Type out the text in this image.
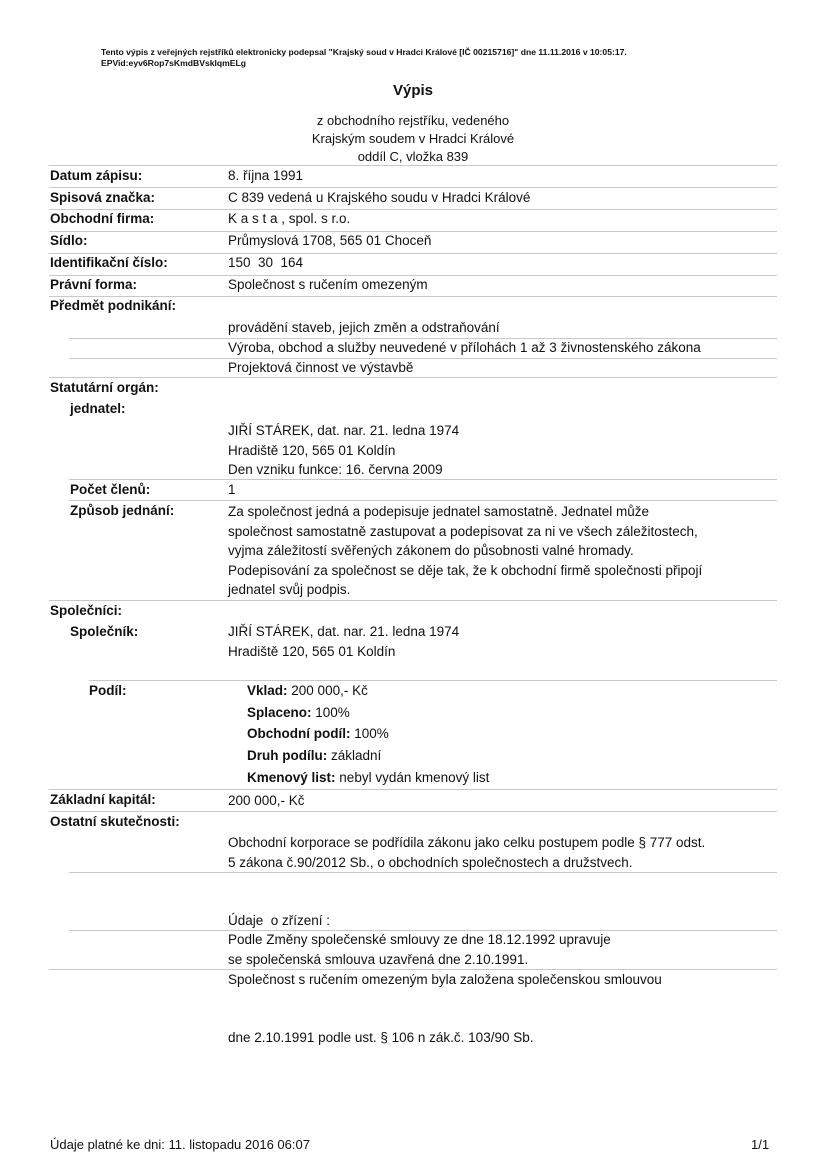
Tento výpis z veřejných rejstříků elektronicky podepsal "Krajský soud v Hradci Králové [IČ 00215716]" dne 11.11.2016 v 10:05:17.
EPVid:eyv6Rop7sKmdBVsklqmELg
Výpis
z obchodního rejstříku, vedeného
Krajským soudem v Hradci Králové
oddíl C, vložka 839
Datum zápisu:	8. října 1991
Spisová značka:	C 839 vedená u Krajského soudu v Hradci Králové
Obchodní firma:	K a s t a , spol. s r.o.
Sídlo:	Průmyslová 1708, 565 01 Choceň
Identifikační číslo:	150  30  164
Právní forma:	Společnost s ručením omezeným
Předmět podnikání:
provádění staveb, jejich změn a odstraňování
Výroba, obchod a služby neuvedené v přílohách 1 až 3 živnostenského zákona
Projektová činnost ve výstavbě
Statutární orgán:
jednatel:
JIŘÍ STÁREK, dat. nar. 21. ledna 1974
Hradiště 120, 565 01 Koldín
Den vzniku funkce: 16. června 2009
Počet členů:	1
Způsob jednání:	Za společnost jedná a podepisuje jednatel samostatně. Jednatel může
společnost samostatně zastupovat a podepisovat za ni ve všech záležitostech,
vyjma záležitostí svěřených zákonem do působnosti valné hromady.
Podepisování za společnost se děje tak, že k obchodní firmě společnosti připojí
jednatel svůj podpis.
Společníci:
Společník:	JIŘÍ STÁREK, dat. nar. 21. ledna 1974
Hradiště 120, 565 01 Koldín
Podíl:	Vklad: 200 000,- Kč
Splaceno: 100%
Obchodní podíl: 100%
Druh podílu: základní
Kmenový list: nebyl vydán kmenový list
Základní kapitál:	200 000,- Kč
Ostatní skutečnosti:
Obchodní korporace se podřídila zákonu jako celku postupem podle § 777 odst.
5 zákona č.90/2012 Sb., o obchodních společnostech a družstvech.

Údaje  o zřízení :

Společnost s ručením omezeným byla založena společenskou smlouvou

dne 2.10.1991 podle ust. § 106 n zák.č. 103/90 Sb.

Podle Změny společenské smlouvy ze dne 18.12.1992 upravuje
se společenská smlouva uzavřená dne 2.10.1991.
Údaje platné ke dni: 11. listopadu 2016 06:07	1/1
